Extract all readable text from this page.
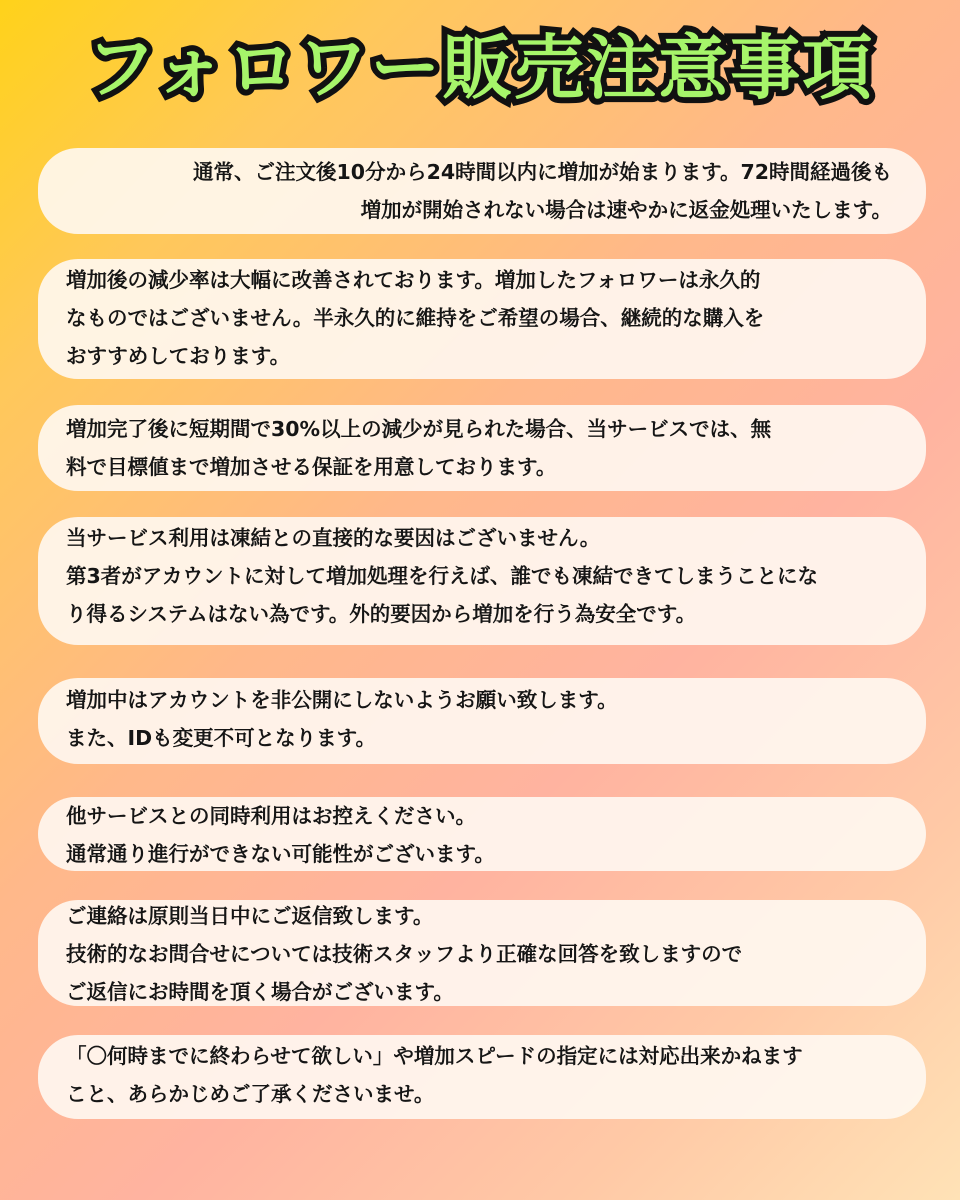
フォロワー販売注意事項

通常、ご注文後10分から24時間以内に増加が始まります。72時間経過後も
増加が開始されない場合は速やかに返金処理いたします。

増加後の減少率は大幅に改善されております。増加したフォロワーは永久的
なものではございません。半永久的に維持をご希望の場合、継続的な購入を
おすすめしております。

増加完了後に短期間で30%以上の減少が見られた場合、当サービスでは、無
料で目標値まで増加させる保証を用意しております。

当サービス利用は凍結との直接的な要因はございません。
第3者がアカウントに対して増加処理を行えば、誰でも凍結できてしまうことにな
り得るシステムはない為です。外的要因から増加を行う為安全です。

増加中はアカウントを非公開にしないようお願い致します。
また、IDも変更不可となります。

他サービスとの同時利用はお控えください。
通常通り進行ができない可能性がございます。

ご連絡は原則当日中にご返信致します。
技術的なお問合せについては技術スタッフより正確な回答を致しますので
ご返信にお時間を頂く場合がございます。

「〇何時までに終わらせて欲しい」や増加スピードの指定には対応出来かねます
こと、あらかじめご了承くださいませ。
